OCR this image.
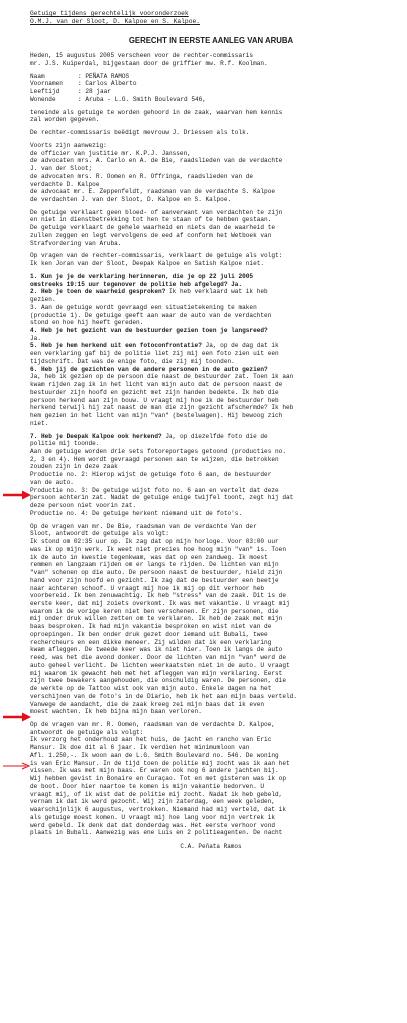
Getuige tijdens gerechtelijk vooronderzoek
O.M.J. van der Sloot, D. Kalpoe en S. Kalpoe.
GERECHT IN EERSTE AANLEG VAN ARUBA
Heden, 15 augustus 2005 verscheen voor de rechter-commissaris
mr. J.S. Kuiperdal, bijgestaan door de griffier mw. R.f. Koolman.
Naam	: PEÑATA RAMOS
Voornamen	: Carlos Alberto
Leeftijd	: 28 jaar
Wonende	: Aruba - L.G. Smith Boulevard 546,
teneinde als getuige te worden gehoord in de zaak, waarvan hem kennis
zal worden gegeven.
De rechter-commissaris beëdigt mevrouw J. Driessen als tolk.
Voorts zijn aanwezig:
de officier van justitie mr. K.P.J. Janssen,
de advocaten mrs. A. Carlo en A. de Bie, raadslieden van de verdachte
J. van der Sloot;
de advocaten mrs. R. Oomen en R. Offringa, raadslieden van de
verdachte D. Kalpoe
de advocaat mr. E. Zeppenfeldt, raadsman van de verdachte S. Kalpoe
de verdachten J. van der Sloot, D. Kalpoe en S. Kalpoe.
De getuige verklaart geen bloed- of aanverwant van verdachten te zijn
en niet in dienstbetrekking tot hen te staan of te hebben gestaan.
De getuige verklaart de gehele waarheid en niets dan de waarheid te
zullen zeggen en legt vervolgens de eed af conform het Wetboek van
Strafvordering van Aruba.
Op vragen van de rechter-commissaris, verklaart de getuige als volgt:
Ik ken Joran van der Sloot, Deepak Kalpoe en Satish Kalpoe niet.
1. Kun je je de verklaring herinneren, die je op 22 juli 2005
omstreeks 19:15 uur tegenover de politie heb afgelegd? Ja.
2. Heb je toen de waarheid gesproken? Ik heb verklaard wat ik heb
gezien.
3. Aan de getuige wordt gevraagd een situatietekening te maken
(productie 1). De getuige geeft aan waar de auto van de verdachten
stond en hoe hij heeft gereden.
4. Heb je het gezicht van de bestuurder gezien toen je langsreed?
Ja.
5. Heb je hem herkend uit een fotoconfrontatie? Ja, op de dag dat ik
een verklaring gaf bij de politie liet zij mij een foto zien uit een
tijdschrift. Dat was de enige foto, die zij mij toonden.
6. Heb jij de gezichten van de andere personen in de auto gezien?
Ja, heb ik gezien op de persoon die naast de bestuurder zat. Toen ik aan
kwam rijden zag ik in het licht van mijn auto dat de persoon naast de
bestuurder zijn hoofd en gezicht met zijn handen bedekte. Ik heb die
persoon herkend aan zijn bouw. U vraagt mij hoe ik de bestuurder heb
herkend terwijl hij zat naast de man die zijn gezicht afschermde? Ik heb
hem gezien in het licht van mijn "van" (bestelwagen). Hij bewoog zich
niet.
7. Heb je Deepak Kalpoe ook herkend? Ja, op diezelfde foto die de
politie mij toonde.
Aan de getuige worden drie sets fotoreportages getoond (producties no.
2, 3 en 4). Hem wordt gevraagd personen aan te wijzen, die betrokken
zouden zijn in deze zaak
Productie no. 2: Hierop wijst de getuige foto 6 aan, de bestuurder
van de auto.
Productie no. 3: De getuige wijst foto no. 6 aan en vertelt dat deze
persoon achterin zat. Nadat de getuige enige twijfel toont, zegt hij dat
deze persoon niet voorin zat.
Productie no. 4: De getuige herkent niemand uit de foto's.
Op de vragen van mr. De Bie, raadsman van de verdachte Van der
Sloot, antwoordt de getuige als volgt:
Ik stond om 02:35 uur op. Ik zag dat op mijn horloge. Voor 03:00 uur
was ik op mijn werk. Ik weet niet precies hoe hoog mijn "van" is. Toen
ik de auto in kwestie tegenkwam, was dat op een zandweg. Ik moest
remmen en langzaam rijden om er langs te rijden. De lichten van mijn
"van" schenen op die auto. De persoon naast de bestuurder, hield zijn
hand voor zijn hoofd en gezicht. Ik zag dat de bestuurder een beetje
naar achteren schoof. U vraagt mij hoe ik mij op dit verhoor heb
voorbereid. Ik ben zenuwachtig. Ik heb "stress" van de zaak. Dit is de
eerste keer, dat mij zoiets overkomt. Ik was met vakantie. U vraagt mij
waarom ik de vorige keren niet ben verschenen. Er zijn personen, die
mij onder druk willen zetten om te verklaren. Ik heb de zaak met mijn
baas besproken. Ik had mijn vakantie besproken en wist niet van de
oproepingen. Ik ben onder druk gezet door iemand uit Bubali, twee
rechercheurs en een dikke meneer. Zij wilden dat ik een verklaring
kwam afleggen. De tweede keer was ik niet hier. Toen ik langs de auto
reed, was het die avond donker. Door de lichten van mijn "van" werd de
auto geheel verlicht. De lichten weerkaatsten niet in de auto. U vraagt
mij waarom ik gewacht heb met het afleggen van mijn verklaring. Eerst
zijn twee bewakers aangehouden, die onschuldig waren. De personen, die
de werkte op de Tattoo wist ook van mijn auto. Enkele dagen na het
verschijnen van de foto's in de Diario, heb ik het aan mijn baas verteld.
Vanwege de aandacht, die de zaak kreeg zei mijn baas dat ik even
moest wachten. Ik heb bijna mijn baan verloren.
Op de vragen van mr. R. Oomen, raadsman van de verdachte D. Kalpoe,
antwoordt de getuige als volgt:
Ik verzorg het onderhoud aan het huis, de jacht en rancho van Eric
Mansur. Ik doe dit al 6 jaar. Ik verdien het minimumloon van
Afl. 1.250,-. Ik woon aan de L.G. Smith Boulevard no. 546. De woning
is van Eric Mansur. In de tijd toen de politie mij zocht was ik aan het
vissen. Ik was met mijn baas. Er waren ook nog 6 andere jachten bij.
Wij hebben gevist in Bonaire en Curaçao. Tot en met gisteren was ik op
de boot. Door hier naartoe te komen is mijn vakantie bedorven. U
vraagt mij, of ik wist dat de politie mij zocht. Nadat ik heb gebeld,
vernam ik dat ik werd gezocht. Wij zijn zaterdag, een week geleden,
waarschijnlijk 6 augustus, vertrokken. Niemand had mij verteld, dat ik
als getuige moest komen. U vraagt mij hoe lang voor mijn vertrek ik
werd gebeld. Ik denk dat dat donderdag was. Het eerste verhoor vond
plaats in Bubali. Aanwezig was ene Luis en 2 politieagenten. De nacht
C.A. Peñata Ramos
